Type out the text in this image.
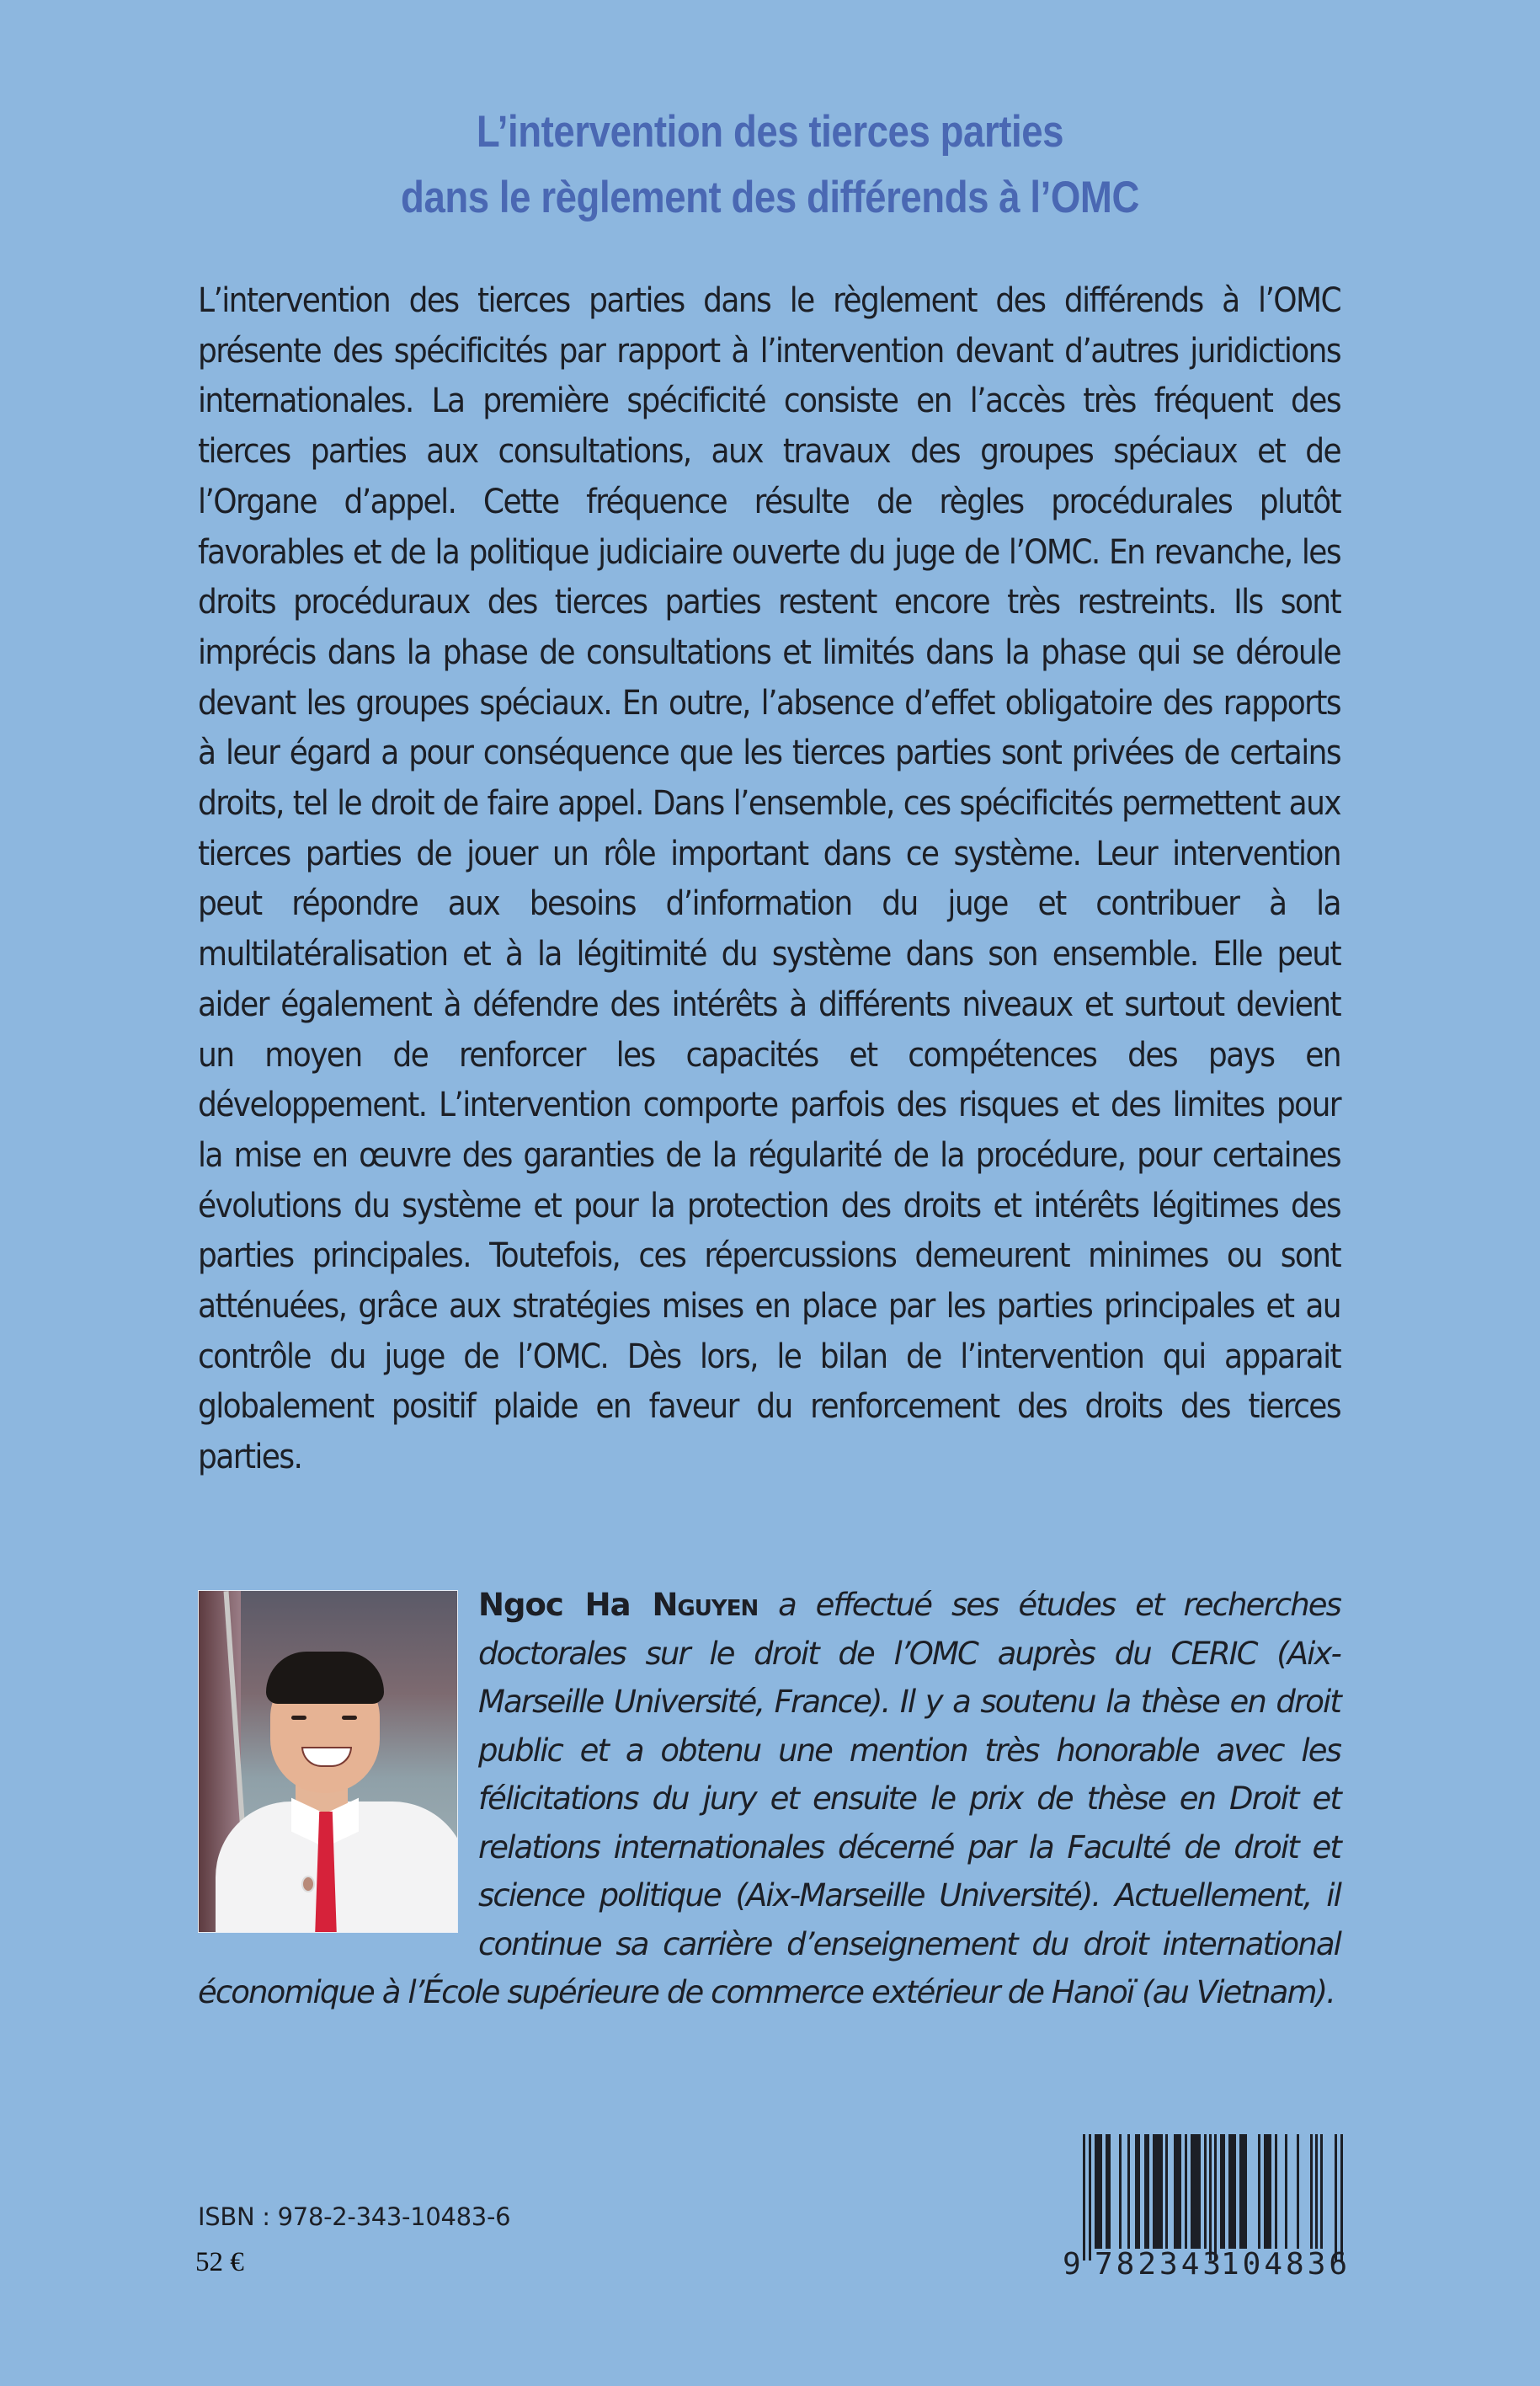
L’intervention des tierces parties
dans le règlement des différends à l’OMC
L’intervention des tierces parties dans le règlement des différends à l’OMC présente des spécificités par rapport à l’intervention devant d’autres juridictions internationales. La première spécificité consiste en l’accès très fréquent des tierces parties aux consultations, aux travaux des groupes spéciaux et de l’Organe d’appel. Cette fréquence résulte de règles procédurales plutôt favorables et de la politique judiciaire ouverte du juge de l’OMC. En revanche, les droits procéduraux des tierces parties restent encore très restreints. Ils sont imprécis dans la phase de consultations et limités dans la phase qui se déroule devant les groupes spéciaux. En outre, l’absence d’effet obligatoire des rapports à leur égard a pour conséquence que les tierces parties sont privées de certains droits, tel le droit de faire appel. Dans l’ensemble, ces spécificités permettent aux tierces parties de jouer un rôle important dans ce système. Leur intervention peut répondre aux besoins d’information du juge et contribuer à la multilatéralisation et à la légitimité du système dans son ensemble. Elle peut aider également à défendre des intérêts à différents niveaux et surtout devient un moyen de renforcer les capacités et compétences des pays en développement. L’intervention comporte parfois des risques et des limites pour la mise en œuvre des garanties de la régularité de la procédure, pour certaines évolutions du système et pour la protection des droits et intérêts légitimes des parties principales. Toutefois, ces répercussions demeurent minimes ou sont atténuées, grâce aux stratégies mises en place par les parties principales et au contrôle du juge de l’OMC. Dès lors, le bilan de l’intervention qui apparait globalement positif plaide en faveur du renforcement des droits des tierces parties.
Ngoc Ha Nguyen a effectué ses études et recherches doctorales sur le droit de l’OMC auprès du CERIC (Aix-Marseille Université, France). Il y a soutenu la thèse en droit public et a obtenu une mention très honorable avec les félicitations du jury et ensuite le prix de thèse en Droit et relations internationales décerné par la Faculté de droit et science politique (Aix-Marseille Université). Actuellement, il continue sa carrière d’enseignement du droit international économique à l’École supérieure de commerce extérieur de Hanoï (au Vietnam).
ISBN : 978-2-343-10483-6
52 €	9 782343
104836
